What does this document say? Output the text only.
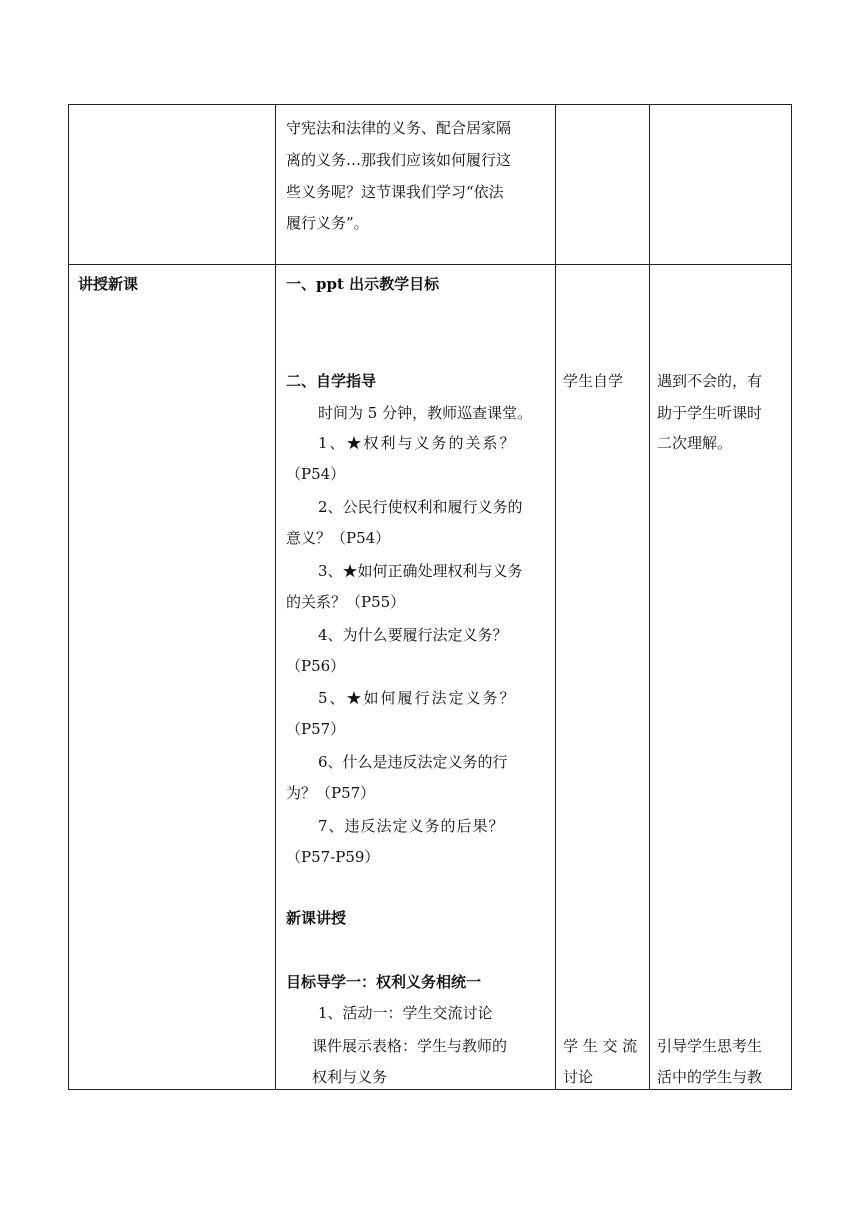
守宪法和法律的义务、配合居家隔
离的义务…那我们应该如何履行这
些义务呢？这节课我们学习“依法
履行义务”。
讲授新课	一、ppt 出示教学目标
二、自学指导
时间为 5 分钟，教师巡查课堂。
1、★权利与义务的关系？
（P54）
2、公民行使权利和履行义务的
意义？（P54）
3、★如何正确处理权利与义务
的关系？（P55）
4、为什么要履行法定义务？
（P56）
5、★如何履行法定义务？
（P57）
6、什么是违反法定义务的行
为？（P57）
7、违反法定义务的后果？
（P57-P59）
新课讲授
目标导学一：权利义务相统一
1、活动一：学生交流讨论
课件展示表格：学生与教师的
权利与义务
学生自学
学 生 交 流
讨论
遇到不会的，有
助于学生听课时
二次理解。
引导学生思考生
活中的学生与教
